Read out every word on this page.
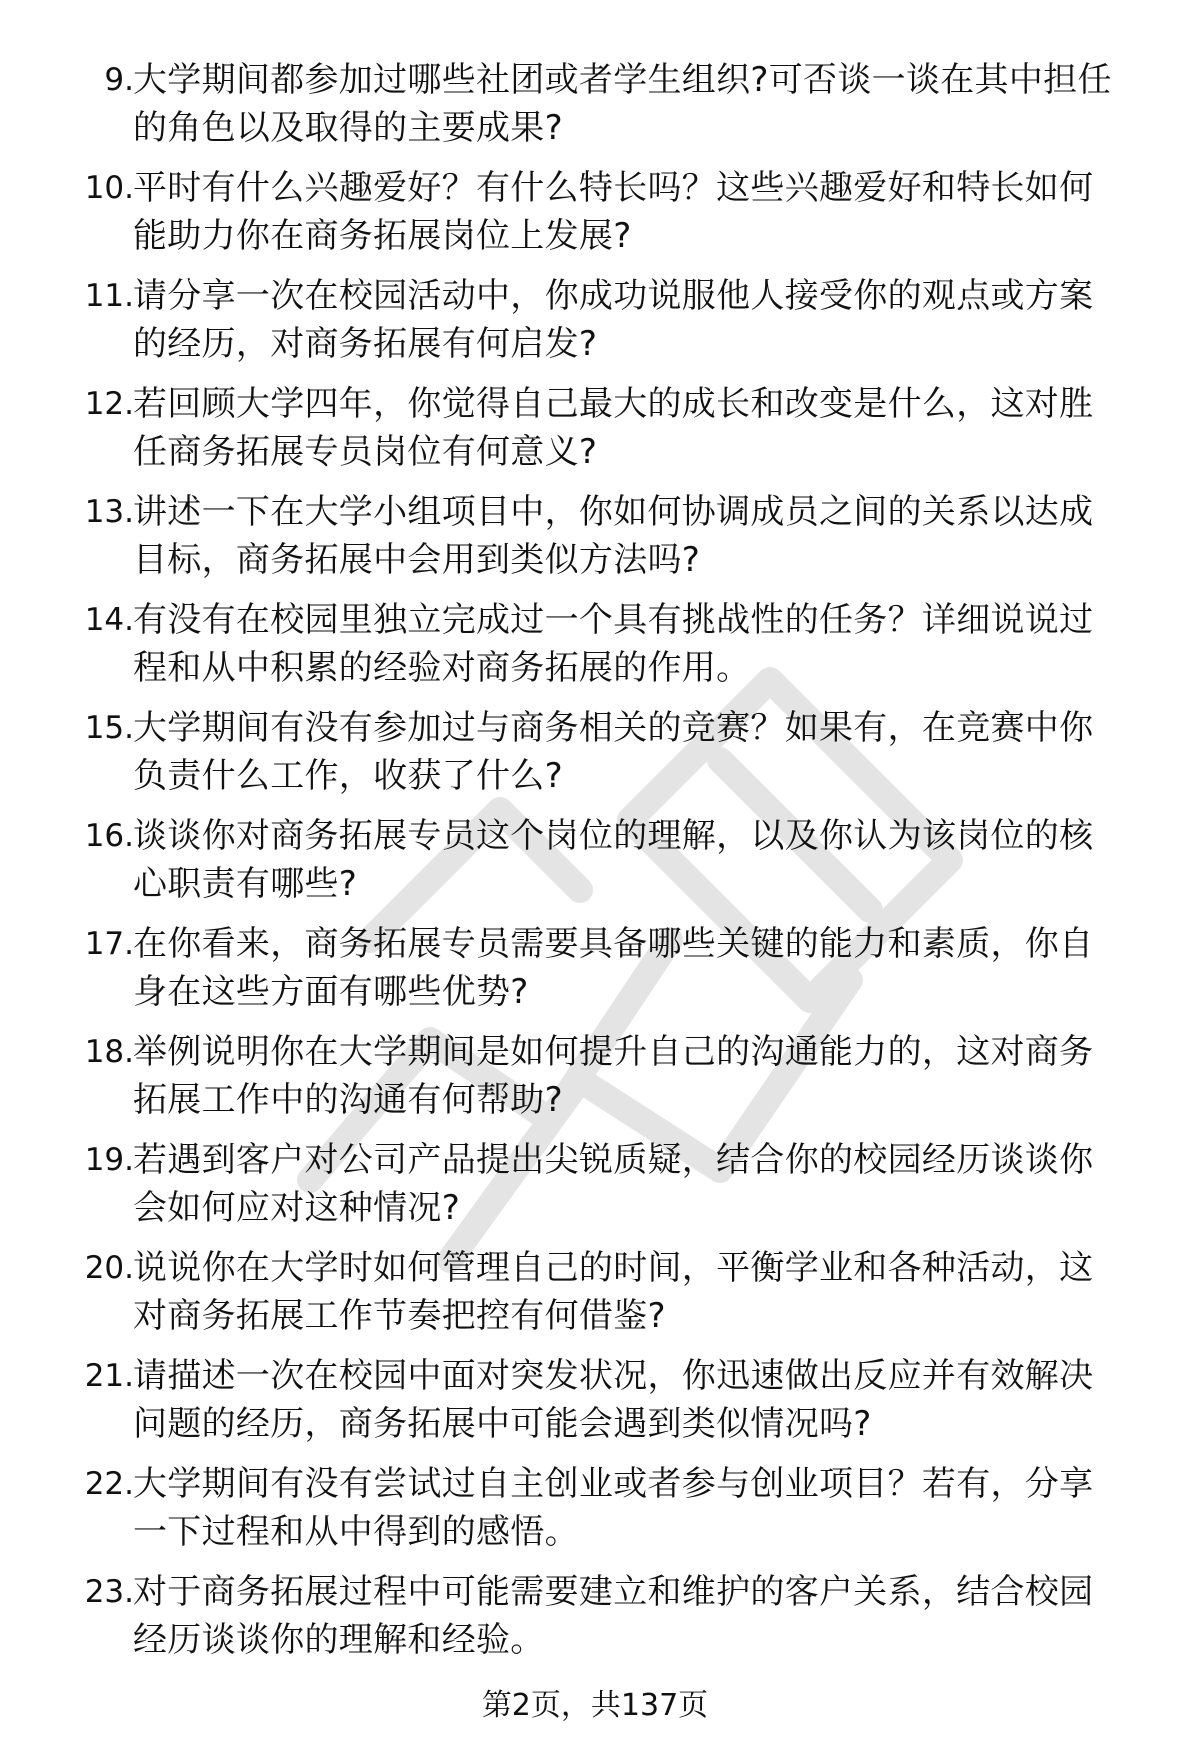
9. 大学期间都参加过哪些社团或者学生组织?可否谈一谈在其中担任
的角色以及取得的主要成果?
10. 平时有什么兴趣爱好？有什么特长吗？这些兴趣爱好和特长如何
能助力你在商务拓展岗位上发展?
11. 请分享一次在校园活动中，你成功说服他人接受你的观点或方案
的经历，对商务拓展有何启发?
12. 若回顾大学四年，你觉得自己最大的成长和改变是什么，这对胜
任商务拓展专员岗位有何意义?
13. 讲述一下在大学小组项目中，你如何协调成员之间的关系以达成
目标，商务拓展中会用到类似方法吗?
14. 有没有在校园里独立完成过一个具有挑战性的任务？详细说说过
程和从中积累的经验对商务拓展的作用。
15. 大学期间有没有参加过与商务相关的竞赛？如果有，在竞赛中你
负责什么工作，收获了什么?
16. 谈谈你对商务拓展专员这个岗位的理解，以及你认为该岗位的核
心职责有哪些?
17. 在你看来，商务拓展专员需要具备哪些关键的能力和素质，你自
身在这些方面有哪些优势?
18. 举例说明你在大学期间是如何提升自己的沟通能力的，这对商务
拓展工作中的沟通有何帮助?
19. 若遇到客户对公司产品提出尖锐质疑，结合你的校园经历谈谈你
会如何应对这种情况?
20. 说说你在大学时如何管理自己的时间，平衡学业和各种活动，这
对商务拓展工作节奏把控有何借鉴?
21. 请描述一次在校园中面对突发状况，你迅速做出反应并有效解决
问题的经历，商务拓展中可能会遇到类似情况吗?
22. 大学期间有没有尝试过自主创业或者参与创业项目？若有，分享
一下过程和从中得到的感悟。
23. 对于商务拓展过程中可能需要建立和维护的客户关系，结合校园
经历谈谈你的理解和经验。
第2页，共137页
